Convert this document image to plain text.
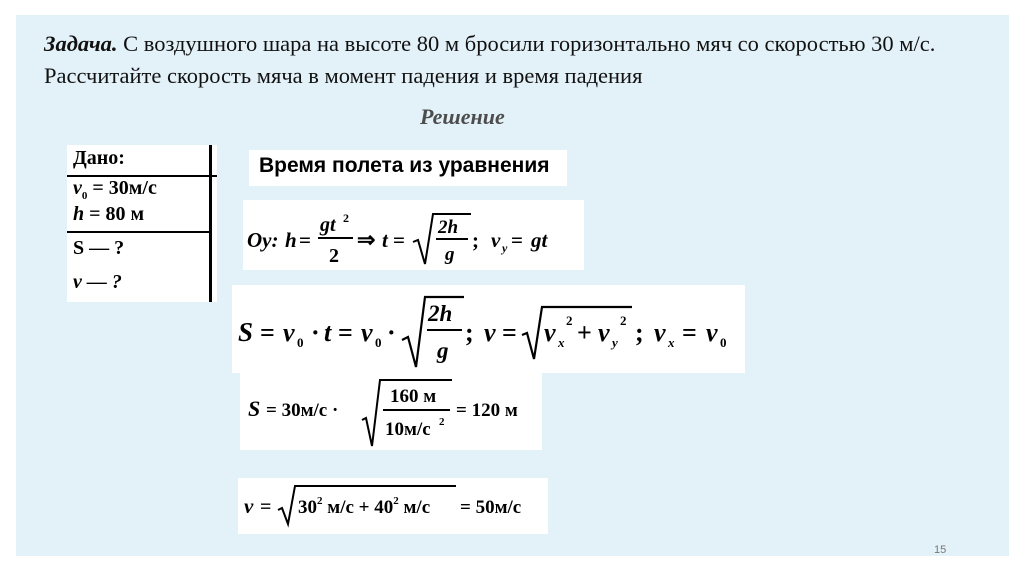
Задача. С воздушного шара на высоте 80 м бросили горизонтально мяч со скоростью 30 м/с. Рассчитайте скорость мяча в момент падения и время падения
Решение
Дано:
$v_0 = 30м/с$
h = 80 м
S — ?
v — ?
Время полета из уравнения
Oy: h =
gt 2
2
⇒ t =
2h
g
; v y = gt
S = v 0 · t = v 0 ·
2h
g
; v = v x
2 + v y
2 ; v x = v 0
S = 30м/с ·
160 м
10м/с 2
= 120 м
$v = 30^2$ $м/с + 40^2$ м/с = 50м/с
15
